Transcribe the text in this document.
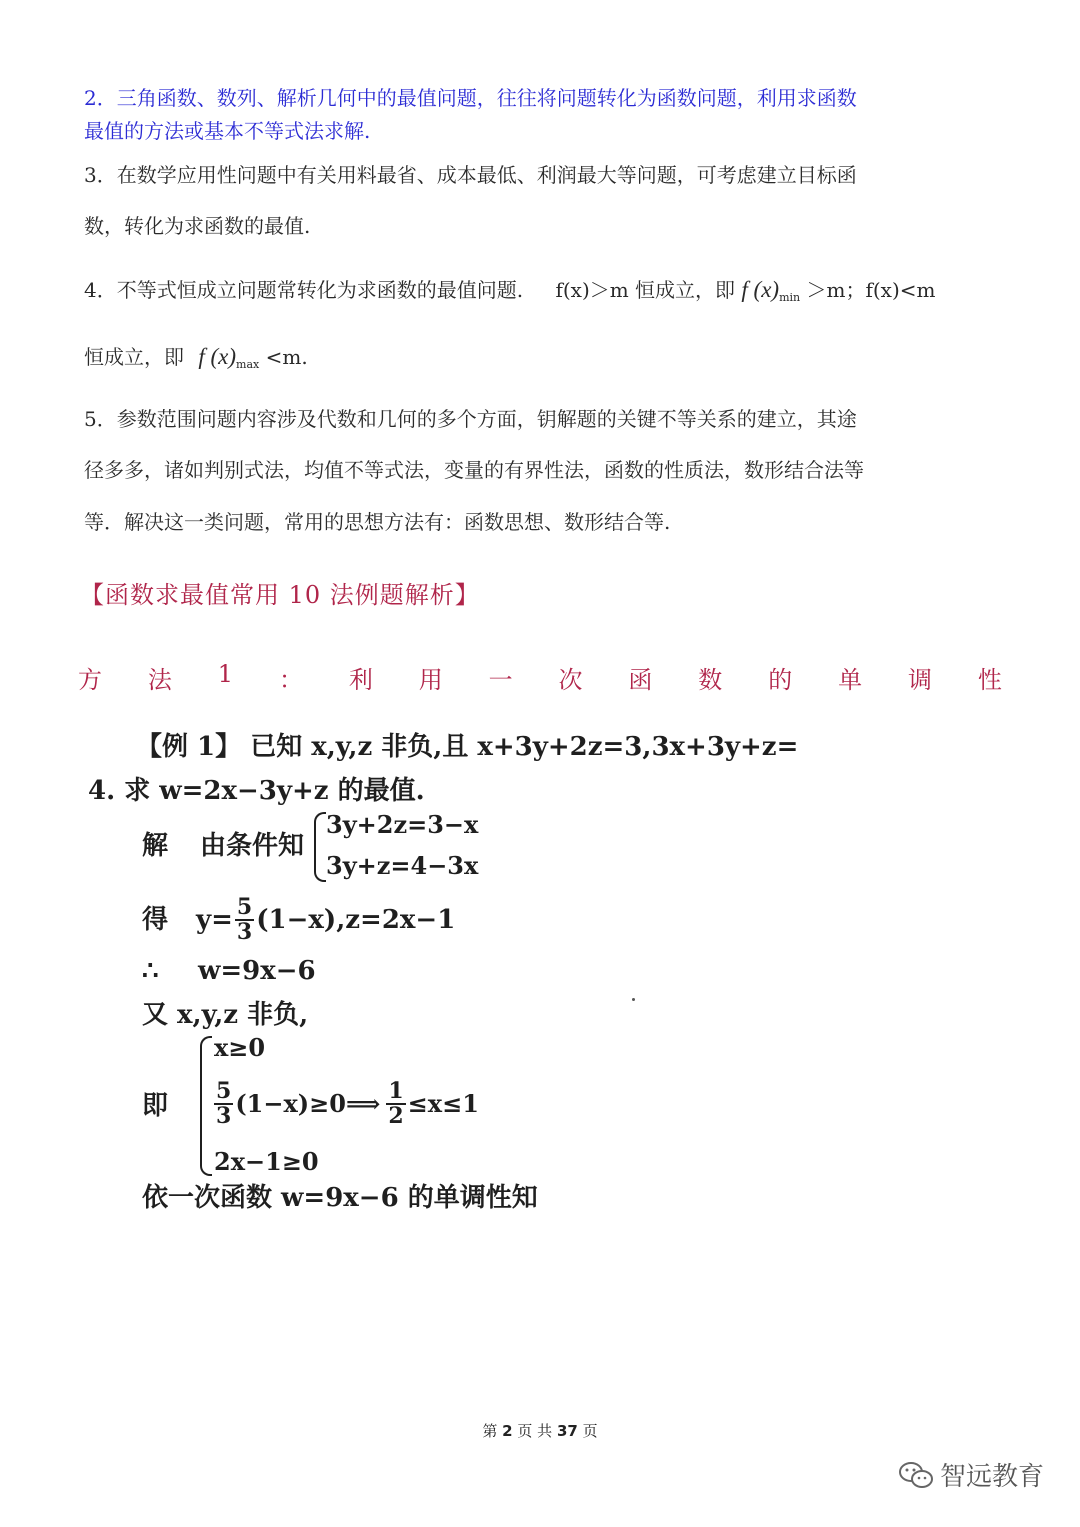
2．三角函数、数列、解析几何中的最值问题，往往将问题转化为函数问题，利用求函数
最值的方法或基本不等式法求解.
3．在数学应用性问题中有关用料最省、成本最低、利润最大等问题，可考虑建立目标函
数，转化为求函数的最值.
4．不等式恒成立问题常转化为求函数的最值问题. f(x)＞m 恒成立，即 f $(x)_{min} >m$；f(x)<m
恒成立，即 f $(x)_{max} <m$.
5．参数范围问题内容涉及代数和几何的多个方面，钥解题的关键不等关系的建立，其途
径多多，诸如判别式法，均值不等式法，变量的有界性法，函数的性质法，数形结合法等
等．解决这一类问题，常用的思想方法有：函数思想、数形结合等.
【函数求最值常用 10 法例题解析】
方 法 1 ： 利 用 一 次 函 数 的 单 调 性
【例 1】 已知 x,y,z 非负,且 x+3y+2z=3,3x+3y+z=
4. 求 w=2x−3y+z 的最值.
解 由条件知
3y+2z=3−x
3y+z=4−3x
得 $y= \frac{5}{3} (1-x),z=2x-1$
∴ w=9x−6
又 x,y,z 非负,
即
x≥0
$\frac{5}{3}$ (1−x)≥0⟹ $\frac{1}{2} \le x\le 1$
2x−1≥0
依一次函数 w=9x−6 的单调性知
第 2 页 共 37 页
智远教育
